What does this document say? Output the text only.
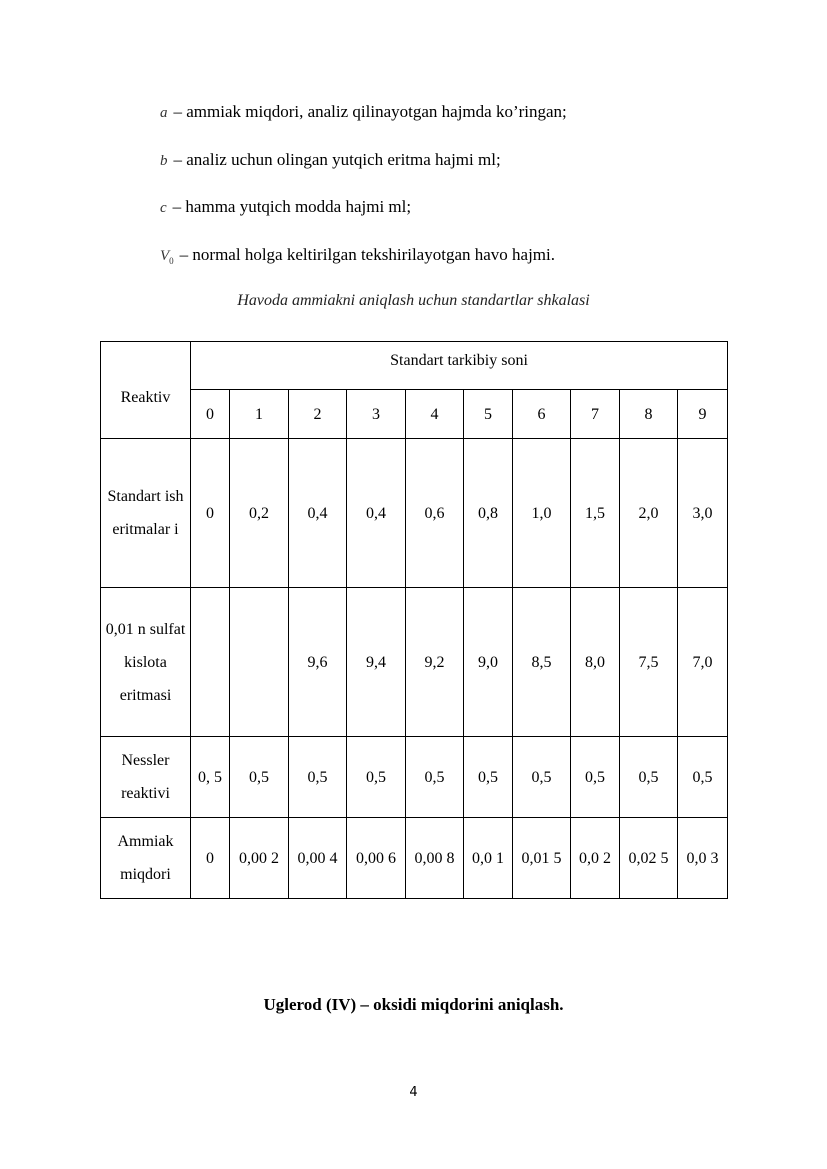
a – ammiak miqdori, analiz qilinayotgan hajmda ko’ringan;
b – analiz uchun olingan yutqich eritma hajmi ml;
c – hamma yutqich modda hajmi ml;
$V_0$ – normal holga keltirilgan tekshirilayotgan havo hajmi.
Havoda ammiakni aniqlash uchun standartlar shkalasi
Reaktiv	Standart tarkibiy soni									
	0	1	2	3	4	5	6	7	8	9
Standart ish eritmalar i	0	0,2	0,4	0,4	0,6	0,8	1,0	1,5	2,0	3,0
0,01 n sulfat kislota eritmasi			9,6	9,4	9,2	9,0	8,5	8,0	7,5	7,0
Nessler reaktivi	0, 5	0,5	0,5	0,5	0,5	0,5	0,5	0,5	0,5	0,5
Ammiak miqdori	0	0,00 2	0,00 4	0,00 6	0,00 8	0,0 1	0,01 5	0,0 2	0,02 5	0,0 3
Uglerod (IV) – oksidi miqdorini aniqlash.
4
